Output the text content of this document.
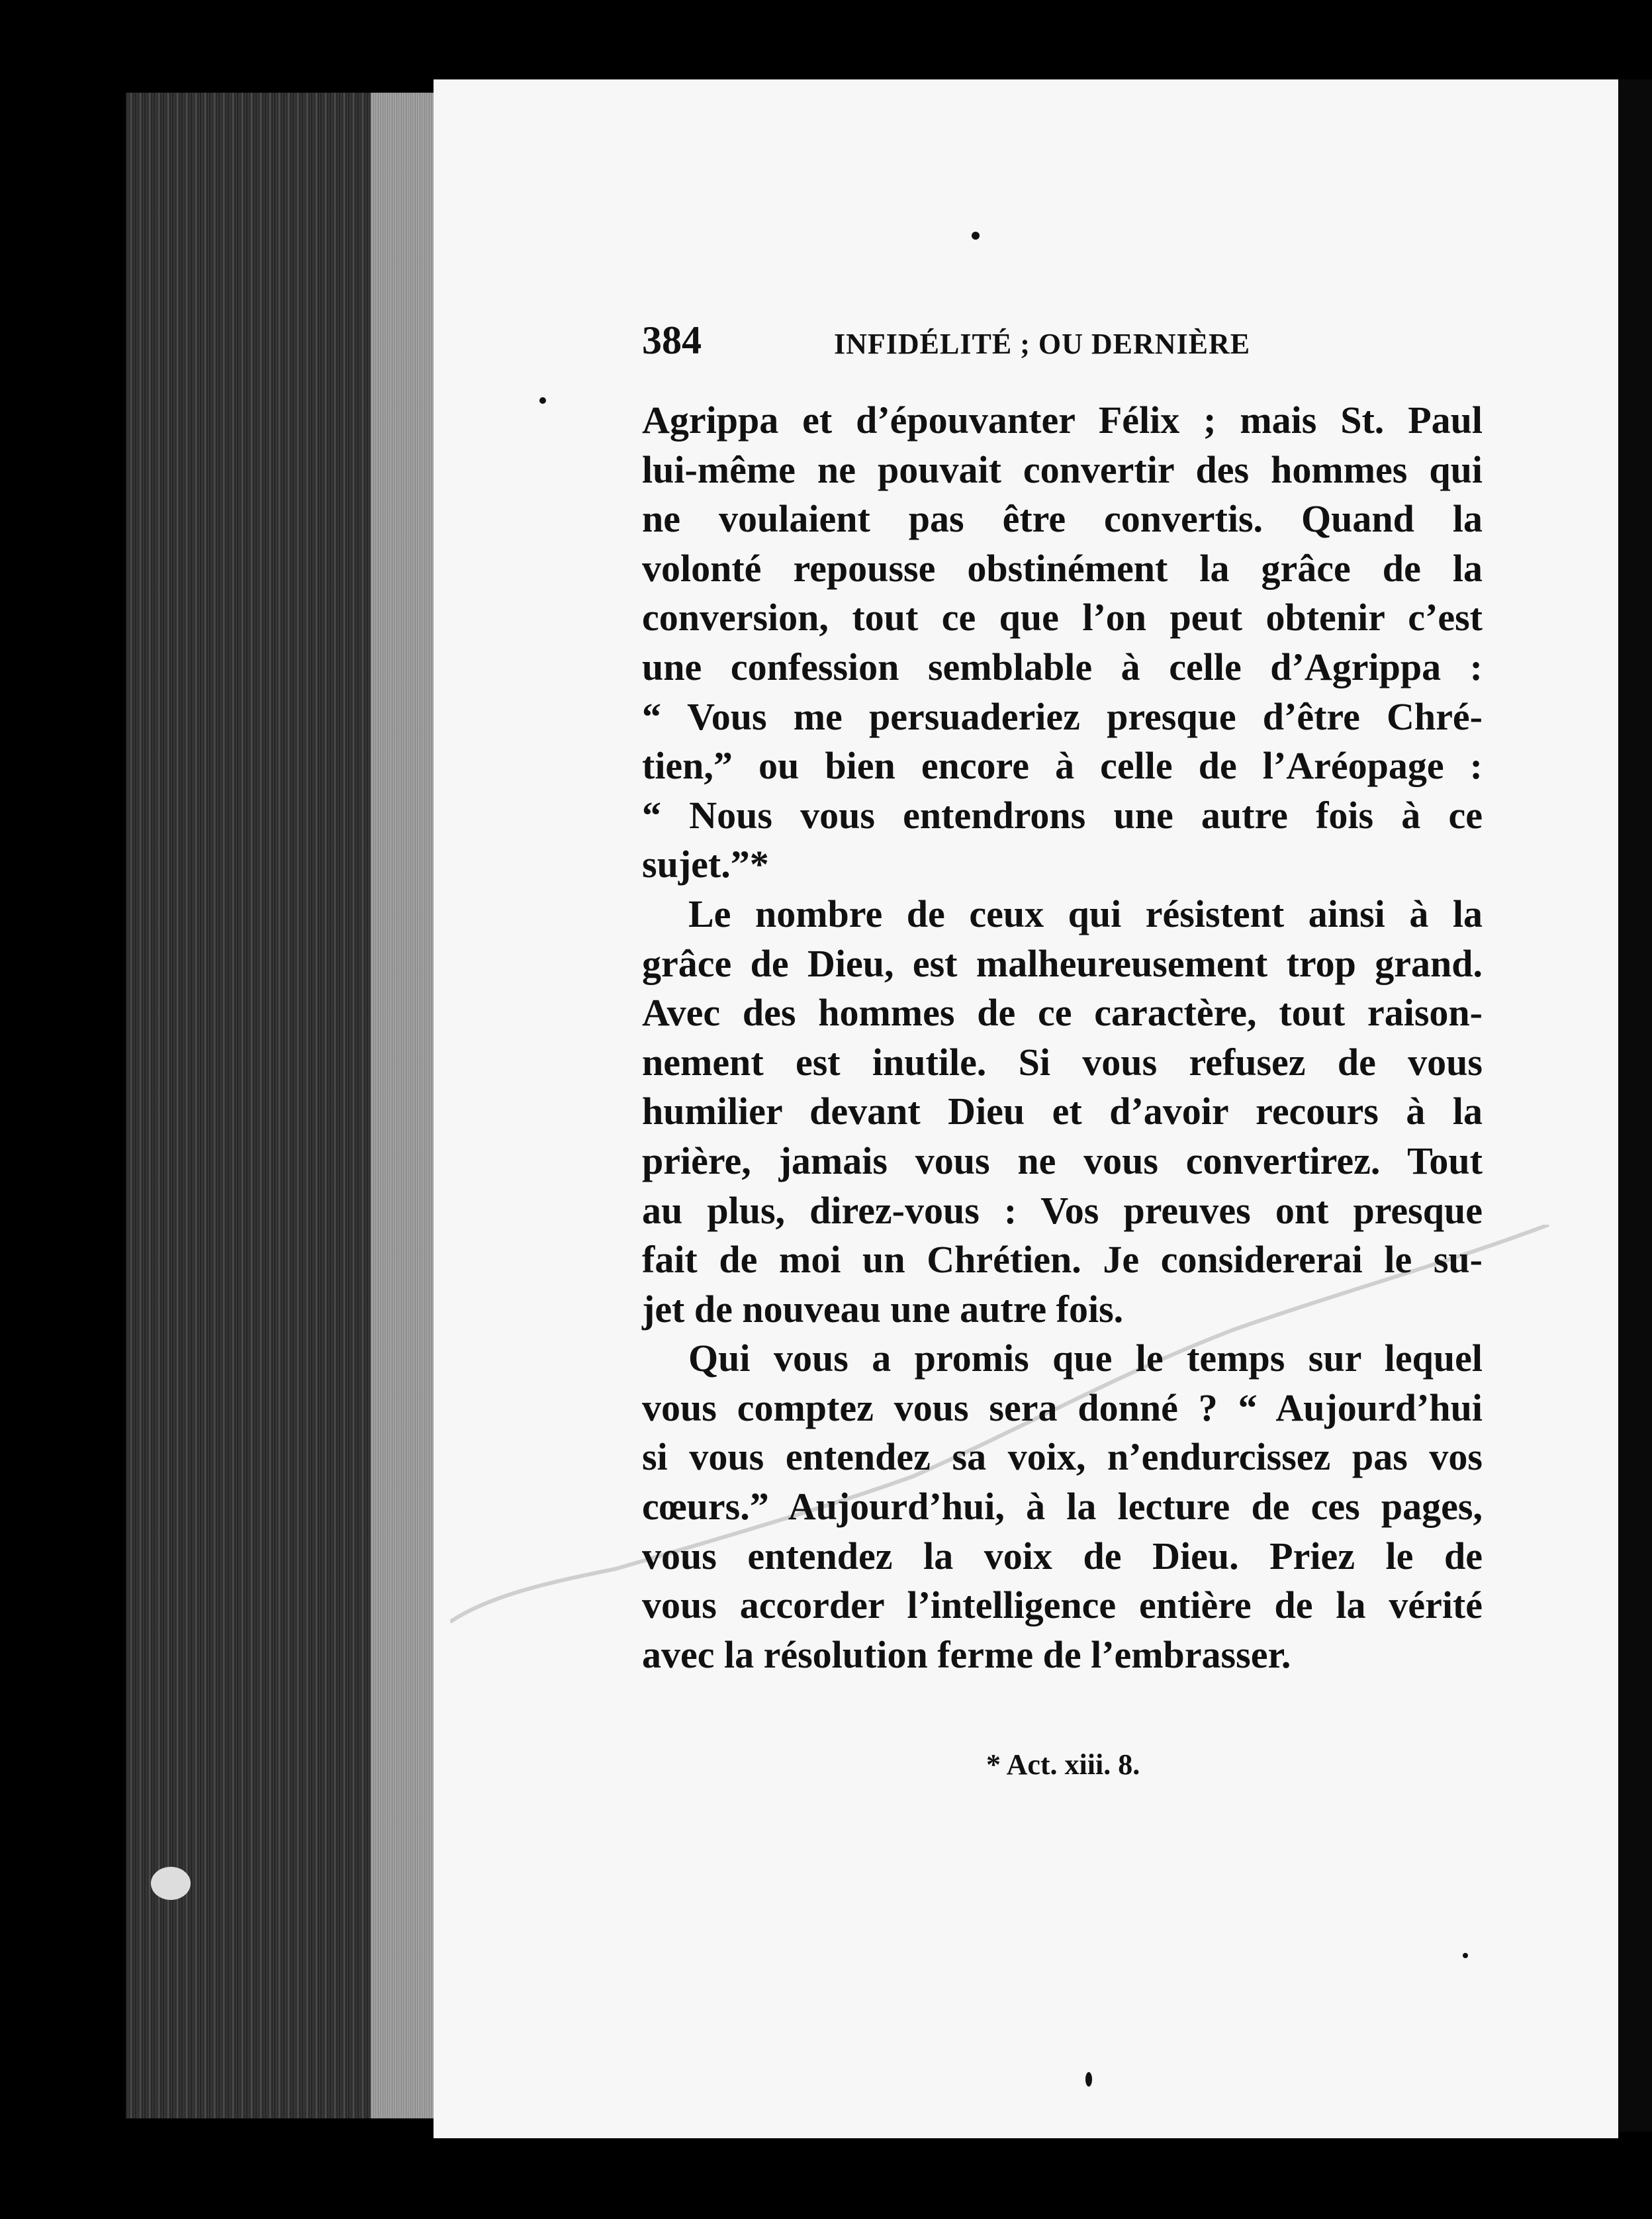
384	INFIDÉLITÉ ; OU DERNIÈRE
Agrippa et d’épouvanter Félix ; mais St. Paul
lui-même ne pouvait convertir des hommes qui
ne voulaient pas être convertis. Quand la
volonté repousse obstinément la grâce de la
conversion, tout ce que l’on peut obtenir c’est
une confession semblable à celle d’Agrippa :
“ Vous me persuaderiez presque d’être Chré-
tien,” ou bien encore à celle de l’Aréopage :
“ Nous vous entendrons une autre fois à ce
sujet.”*
Le nombre de ceux qui résistent ainsi à la
grâce de Dieu, est malheureusement trop grand.
Avec des hommes de ce caractère, tout raison-
nement est inutile. Si vous refusez de vous
humilier devant Dieu et d’avoir recours à la
prière, jamais vous ne vous convertirez. Tout
au plus, direz-vous : Vos preuves ont presque
fait de moi un Chrétien. Je considererai le su-
jet de nouveau une autre fois.
Qui vous a promis que le temps sur lequel
vous comptez vous sera donné ? “ Aujourd’hui
si vous entendez sa voix, n’endurcissez pas vos
cœurs.” Aujourd’hui, à la lecture de ces pages,
vous entendez la voix de Dieu. Priez le de
vous accorder l’intelligence entière de la vérité
avec la résolution ferme de l’embrasser.
* Act. xiii. 8.
